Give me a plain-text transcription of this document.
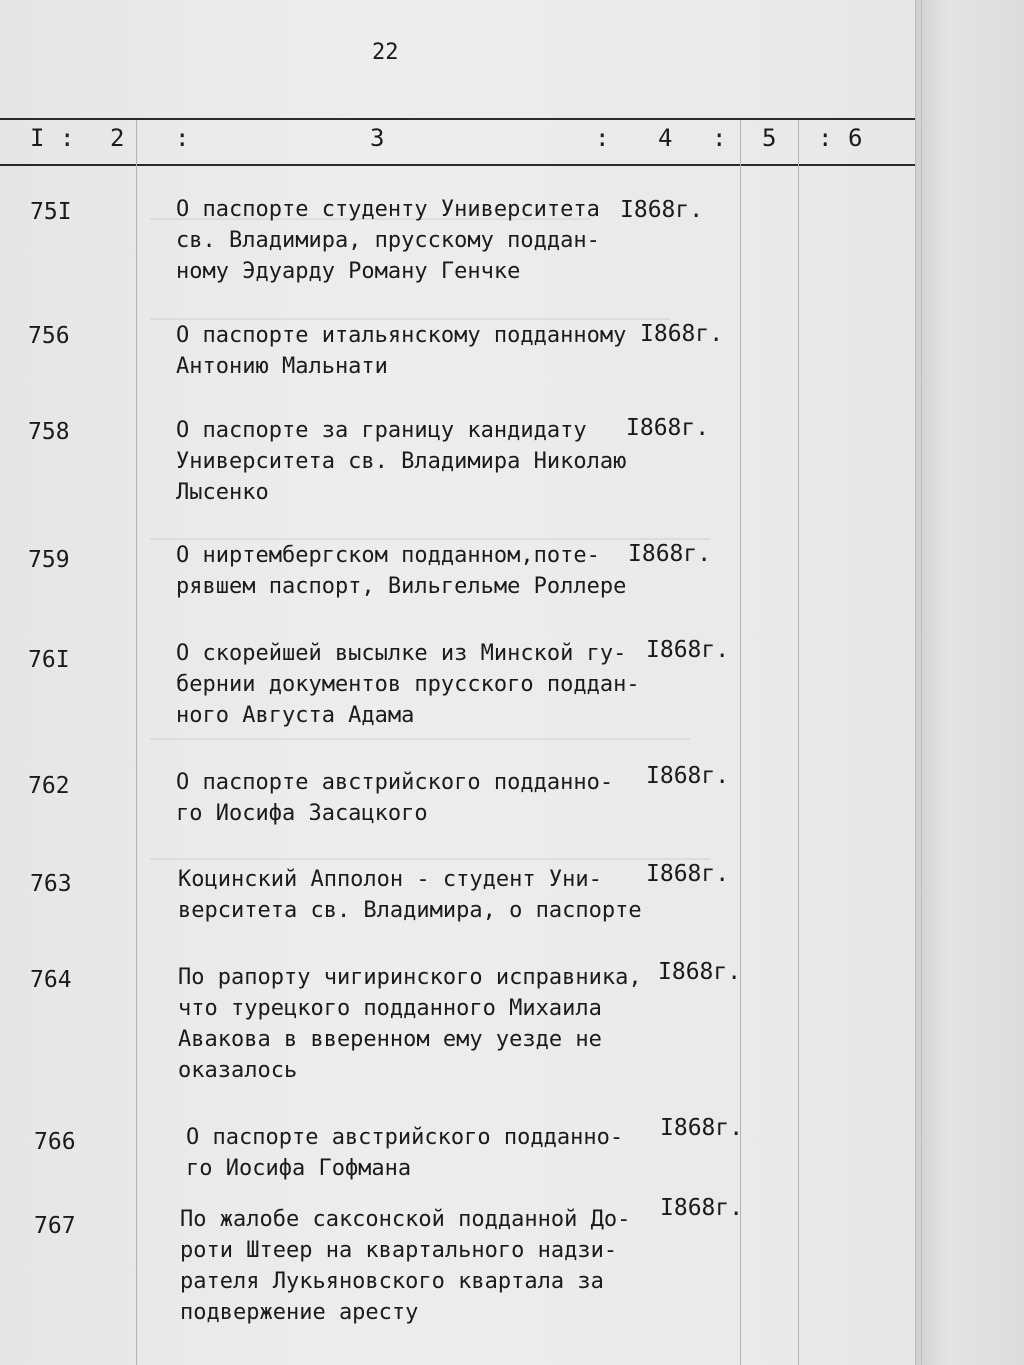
22
I : 2 :	3	: 4 : 5 : 6
75I	О паспорте студенту Университета
св. Владимира, прусскому поддан-
ному Эдуарду Роману Генчке
I868г.
756	О паспорте итальянскому подданному
Антонию Мальнати
I868г.
758	О паспорте за границу кандидату
Университета св. Владимира Николаю
Лысенко
I868г.
759	О ниртембергском подданном,поте-
рявшем паспорт, Вильгельме Роллере
I868г.
76I	О скорейшей высылке из Минской гу-
бернии документов прусского поддан-
ного Августа Адама
I868г.
762	О паспорте австрийского подданно-
го Иосифа Засацкого
I868г.
763	Коцинский Апполон - студент Уни-
верситета св. Владимира, о паспорте
I868г.
764	По рапорту чигиринского исправника,
что турецкого подданного Михаила
Авакова в вверенном ему уезде не
оказалось
I868г.
766	О паспорте австрийского подданно-
го Иосифа Гофмана
I868г.
767	По жалобе саксонской подданной До-
роти Штеер на квартального надзи-
рателя Лукьяновского квартала за
подвержение аресту
I868г.
